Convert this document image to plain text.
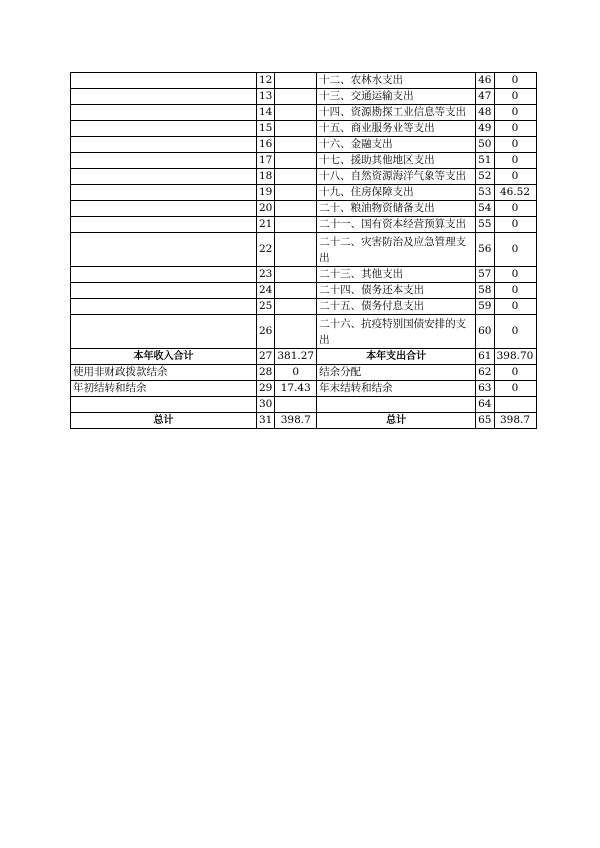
	12		十二、农林水支出	46	0
	13		十三、交通运输支出	47	0
	14		十四、资源勘探工业信息等支出	48	0
	15		十五、商业服务业等支出	49	0
	16		十六、金融支出	50	0
	17		十七、援助其他地区支出	51	0
	18		十八、自然资源海洋气象等支出	52	0
	19		十九、住房保障支出	53	46.52
	20		二十、粮油物资储备支出	54	0
	21		二十一、国有资本经营预算支出	55	0
	22		二十二、灾害防治及应急管理支出	56	0
	23		二十三、其他支出	57	0
	24		二十四、债务还本支出	58	0
	25		二十五、债务付息支出	59	0
	26		二十六、抗疫特别国债安排的支出	60	0
本年收入合计	27	381.27	本年支出合计	61	398.70
使用非财政拨款结余	28	0	结余分配	62	0
年初结转和结余	29	17.43	年末结转和结余	63	0
	30			64	
总计	31	398.7	总计	65	398.7
